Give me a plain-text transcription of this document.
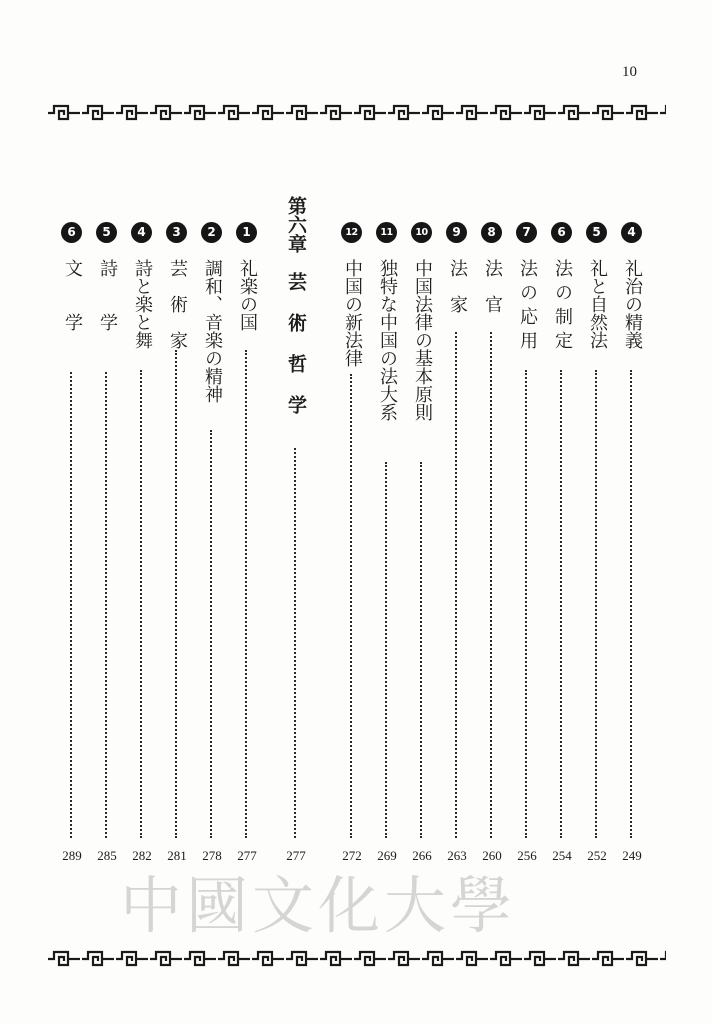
10
4
礼治の精義
249
5
礼と自然法
252
6
法の制定
254
7
法の応用
256
8
法　官
260
9
法　家
263
10
中国法律の基本原則
266
11
独特な中国の法大系
269
12
中国の新法律
272
第六章　芸 術 哲 学
277
1
礼楽の国
277
2
調和、音楽の精神
278
3
芸　術　家
281
4
詩と楽と舞
282
5
詩　　学
285
6
文　　学
289
中國文化大學
